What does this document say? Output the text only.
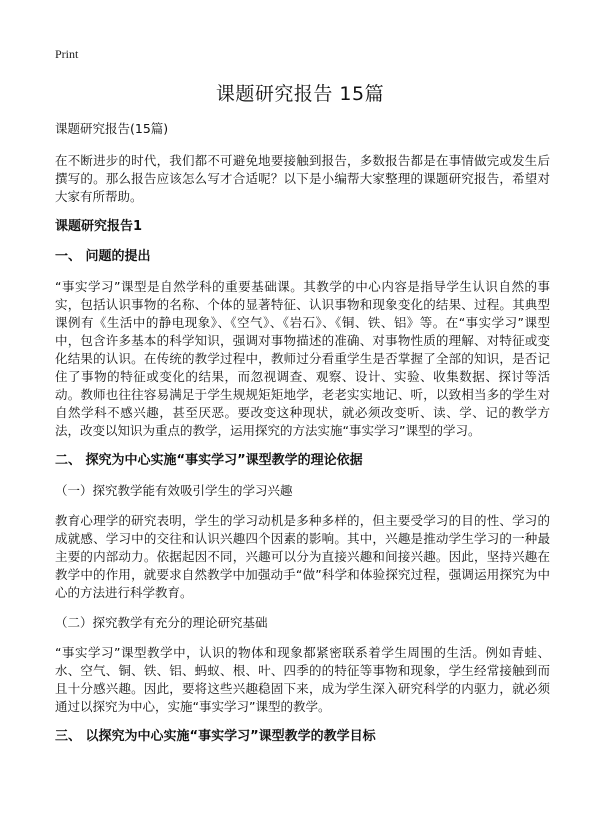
Print
课题研究报告 15篇

课题研究报告(15篇)

在不断进步的时代，我们都不可避免地要接触到报告，多数报告都是在事情做完或发生后撰写的。那么报告应该怎么写才合适呢？以下是小编帮大家整理的课题研究报告，希望对大家有所帮助。

课题研究报告1

一、 问题的提出

“事实学习”课型是自然学科的重要基础课。其教学的中心内容是指导学生认识自然的事实，包括认识事物的名称、个体的显著特征、认识事物和现象变化的结果、过程。其典型课例有《生活中的静电现象》、《空气》、《岩石》、《铜、铁、铝》等。在“事实学习”课型中，包含许多基本的科学知识，强调对事物描述的准确、对事物性质的理解、对特征或变化结果的认识。在传统的教学过程中，教师过分看重学生是否掌握了全部的知识，是否记住了事物的特征或变化的结果，而忽视调查、观察、设计、实验、收集数据、探讨等活动。教师也往往容易满足于学生规规矩矩地学，老老实实地记、听，以致相当多的学生对自然学科不感兴趣，甚至厌恶。要改变这种现状，就必须改变听、读、学、记的教学方法，改变以知识为重点的教学，运用探究的方法实施“事实学习”课型的学习。

二、 探究为中心实施“事实学习”课型教学的理论依据

（一）探究教学能有效吸引学生的学习兴趣

教育心理学的研究表明，学生的学习动机是多种多样的，但主要受学习的目的性、学习的成就感、学习中的交往和认识兴趣四个因素的影响。其中，兴趣是推动学生学习的一种最主要的内部动力。依据起因不同，兴趣可以分为直接兴趣和间接兴趣。因此，坚持兴趣在教学中的作用，就要求自然教学中加强动手“做”科学和体验探究过程，强调运用探究为中心的方法进行科学教育。

（二）探究教学有充分的理论研究基础

“事实学习”课型教学中，认识的物体和现象都紧密联系着学生周围的生活。例如青蛙、水、空气、铜、铁、铝、蚂蚁、根、叶、四季的的特征等事物和现象，学生经常接触到而且十分感兴趣。因此，要将这些兴趣稳固下来，成为学生深入研究科学的内驱力，就必须通过以探究为中心，实施“事实学习”课型的教学。

三、 以探究为中心实施“事实学习”课型教学的教学目标
